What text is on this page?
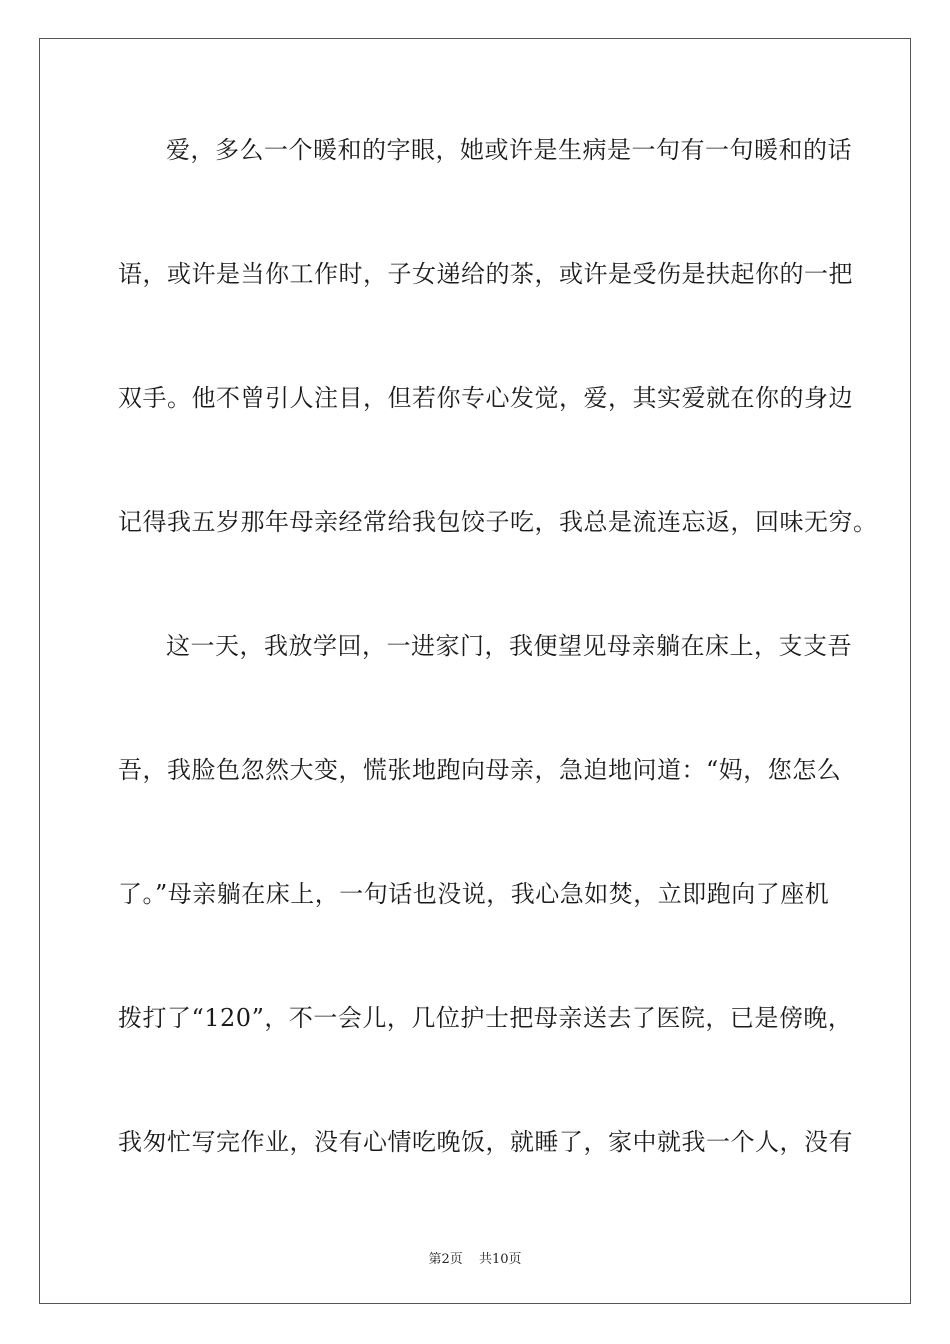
爱，多么一个暖和的字眼，她或许是生病是一句有一句暖和的话
语，或许是当你工作时，子女递给的茶，或许是受伤是扶起你的一把
双手。他不曾引人注目，但若你专心发觉，爱，其实爱就在你的身边
记得我五岁那年母亲经常给我包饺子吃，我总是流连忘返，回味无穷。
这一天，我放学回，一进家门，我便望见母亲躺在床上，支支吾
吾，我脸色忽然大变，慌张地跑向母亲，急迫地问道：“妈，您怎么
了。”母亲躺在床上，一句话也没说，我心急如焚，立即跑向了座机
拨打了“120”，不一会儿，几位护士把母亲送去了医院，已是傍晚，
我匆忙写完作业，没有心情吃晚饭，就睡了，家中就我一个人，没有
第2页 共10页
